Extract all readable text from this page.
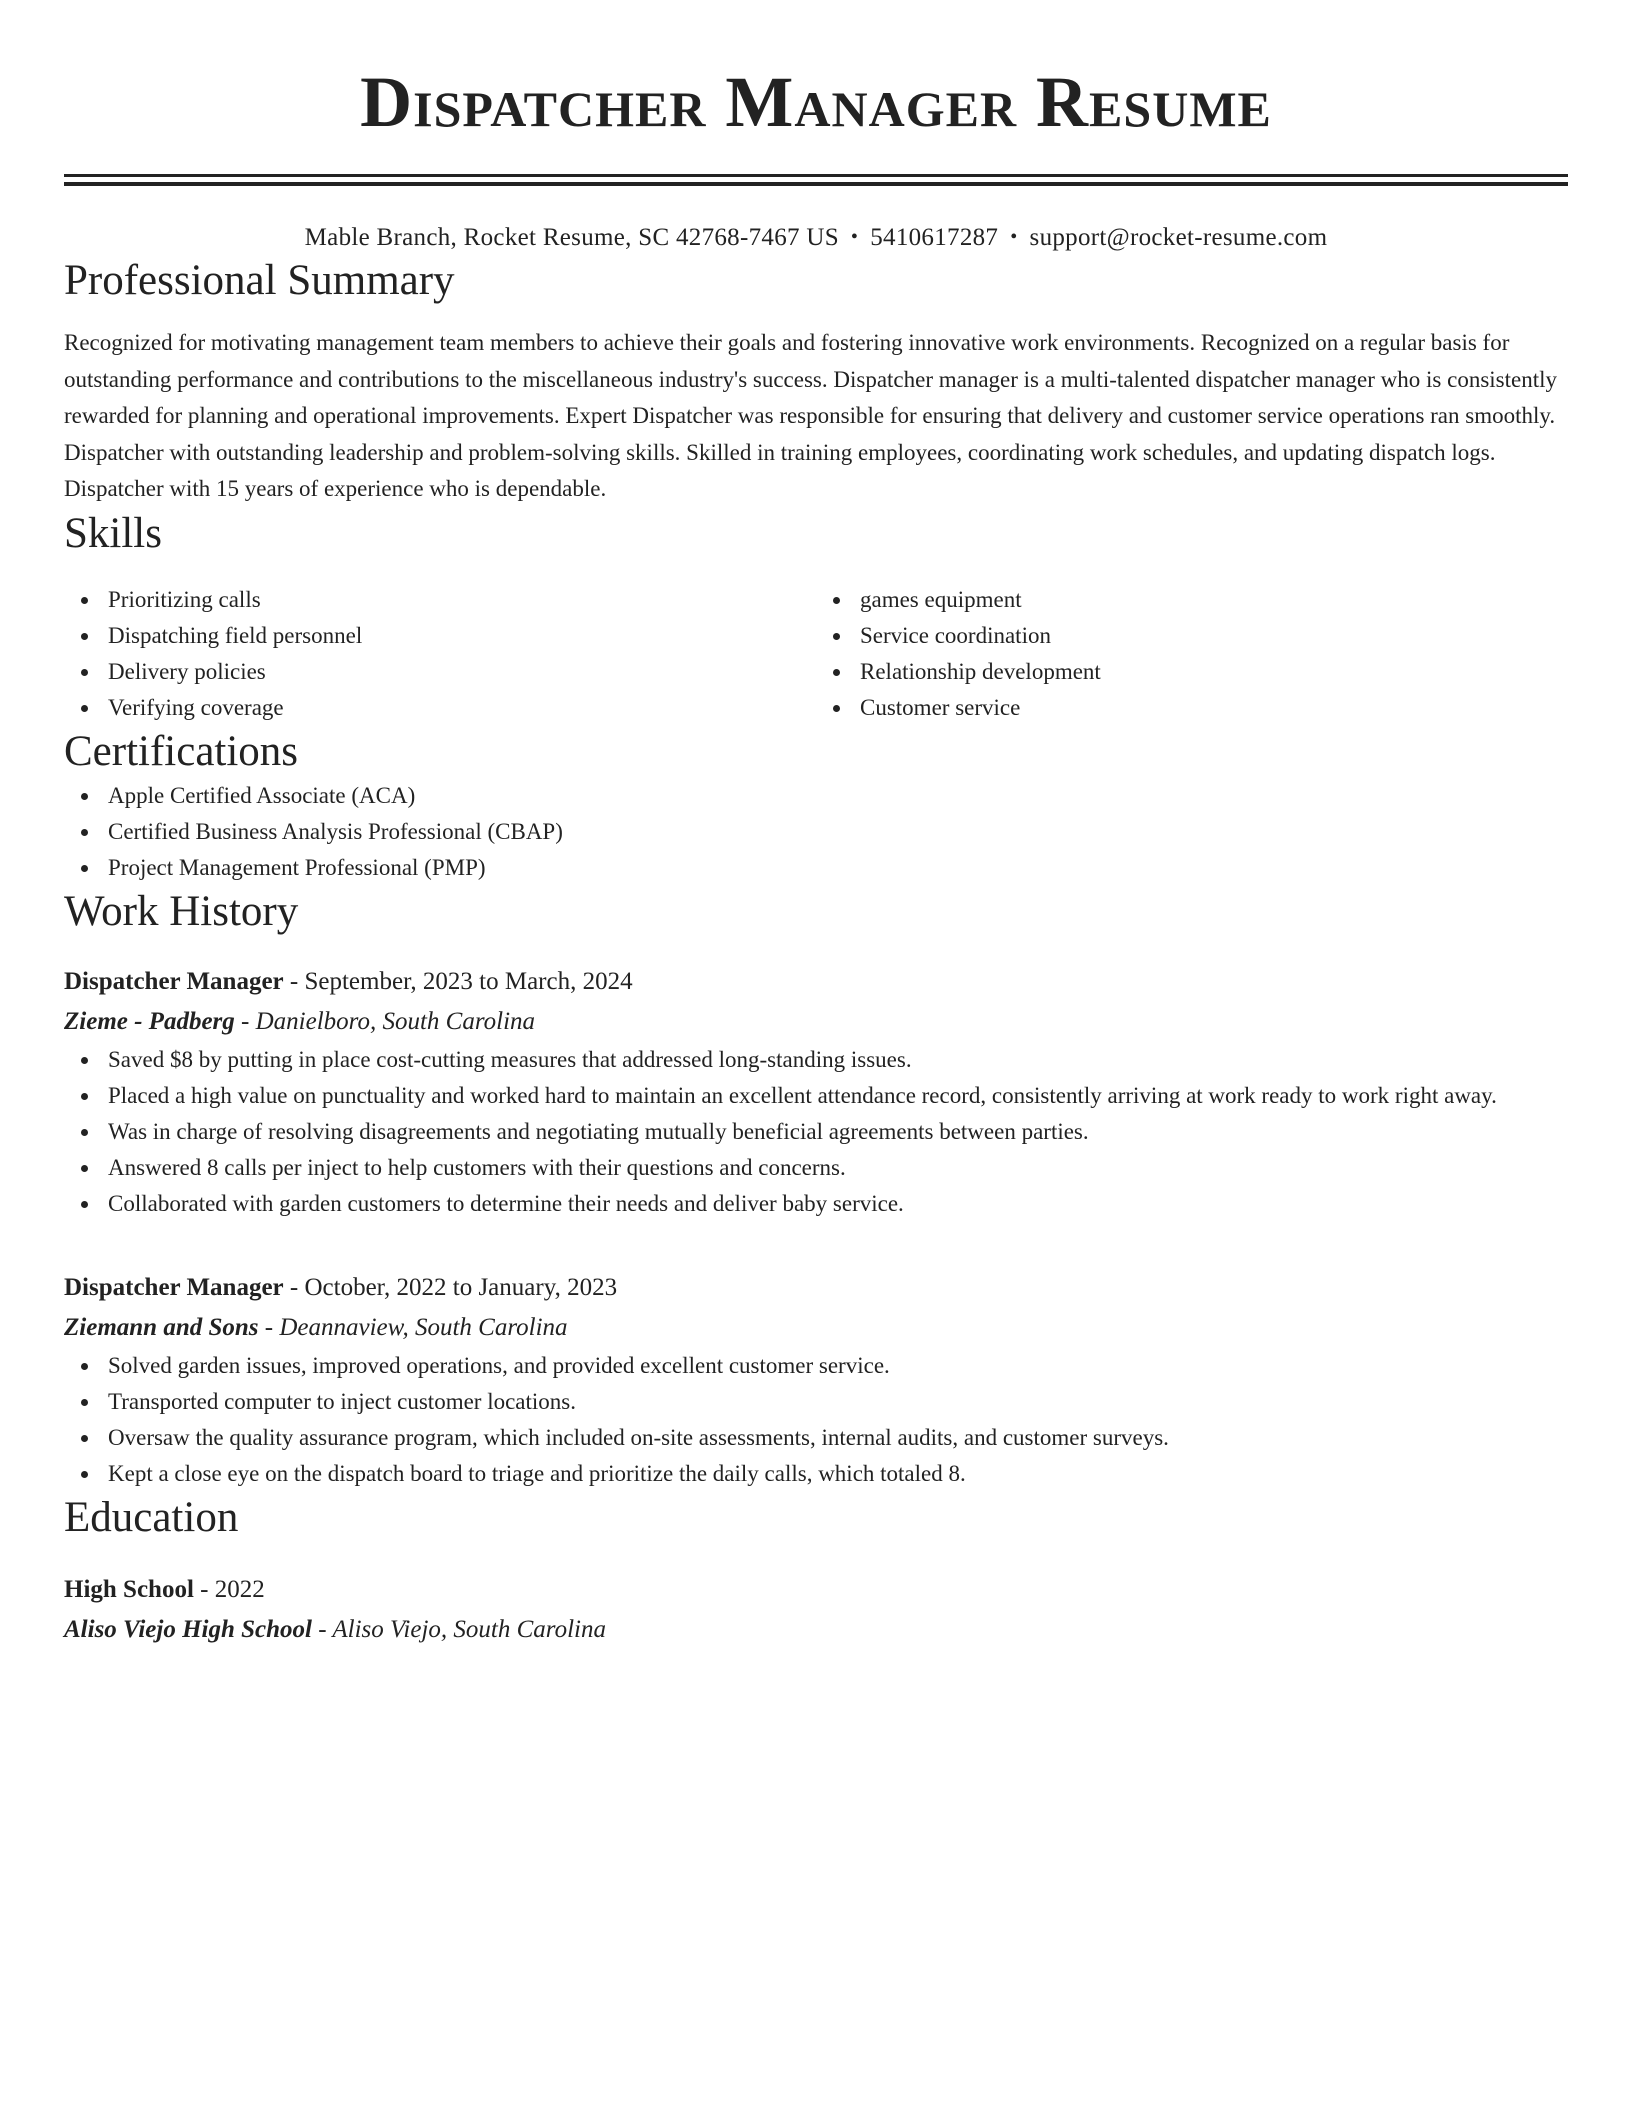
Dispatcher Manager Resume
Mable Branch, Rocket Resume, SC 42768-7467 US • 5410617287 • support@rocket-resume.com
Professional Summary
Recognized for motivating management team members to achieve their goals and fostering innovative work environments. Recognized on a regular basis for outstanding performance and contributions to the miscellaneous industry's success. Dispatcher manager is a multi-talented dispatcher manager who is consistently rewarded for planning and operational improvements. Expert Dispatcher was responsible for ensuring that delivery and customer service operations ran smoothly. Dispatcher with outstanding leadership and problem-solving skills. Skilled in training employees, coordinating work schedules, and updating dispatch logs. Dispatcher with 15 years of experience who is dependable.
Skills
Prioritizing calls
Dispatching field personnel
Delivery policies
Verifying coverage
games equipment
Service coordination
Relationship development
Customer service
Certifications
Apple Certified Associate (ACA)
Certified Business Analysis Professional (CBAP)
Project Management Professional (PMP)
Work History
Dispatcher Manager - September, 2023 to March, 2024
Zieme - Padberg - Danielboro, South Carolina
Saved $8 by putting in place cost-cutting measures that addressed long-standing issues.
Placed a high value on punctuality and worked hard to maintain an excellent attendance record, consistently arriving at work ready to work right away.
Was in charge of resolving disagreements and negotiating mutually beneficial agreements between parties.
Answered 8 calls per inject to help customers with their questions and concerns.
Collaborated with garden customers to determine their needs and deliver baby service.
Dispatcher Manager - October, 2022 to January, 2023
Ziemann and Sons - Deannaview, South Carolina
Solved garden issues, improved operations, and provided excellent customer service.
Transported computer to inject customer locations.
Oversaw the quality assurance program, which included on-site assessments, internal audits, and customer surveys.
Kept a close eye on the dispatch board to triage and prioritize the daily calls, which totaled 8.
Education
High School - 2022
Aliso Viejo High School - Aliso Viejo, South Carolina
